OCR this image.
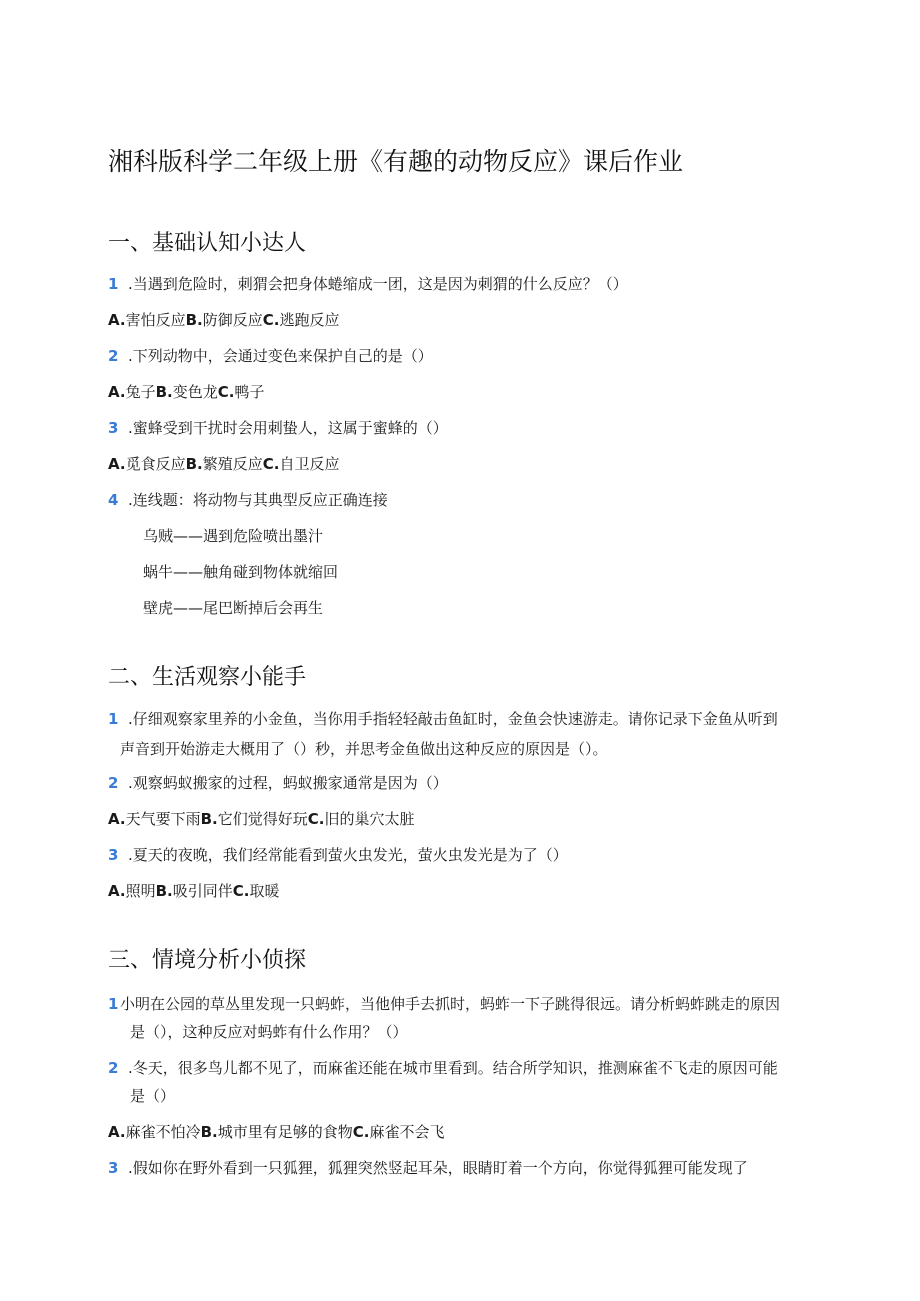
湘科版科学二年级上册《有趣的动物反应》课后作业
一、基础认知小达人
1 .当遇到危险时，刺猬会把身体蜷缩成一团，这是因为刺猬的什么反应？（）
A.害怕反应B.防御反应C.逃跑反应
2 .下列动物中，会通过变色来保护自己的是（）
A.兔子B.变色龙C.鸭子
3 .蜜蜂受到干扰时会用刺蛰人，这属于蜜蜂的（）
A.觅食反应B.繁殖反应C.自卫反应
4 .连线题：将动物与其典型反应正确连接
乌贼——遇到危险喷出墨汁
蜗牛——触角碰到物体就缩回
壁虎——尾巴断掉后会再生
二、生活观察小能手
1 .仔细观察家里养的小金鱼，当你用手指轻轻敲击鱼缸时，金鱼会快速游走。请你记录下金鱼从听到
声音到开始游走大概用了（）秒，并思考金鱼做出这种反应的原因是（）。
2 .观察蚂蚁搬家的过程，蚂蚁搬家通常是因为（）
A.天气要下雨B.它们觉得好玩C.旧的巢穴太脏
3 .夏天的夜晚，我们经常能看到萤火虫发光，萤火虫发光是为了（）
A.照明B.吸引同伴C.取暖
三、情境分析小侦探
1 小明在公园的草丛里发现一只蚂蚱，当他伸手去抓时，蚂蚱一下子跳得很远。请分析蚂蚱跳走的原因
是（），这种反应对蚂蚱有什么作用？（）
2 .冬天，很多鸟儿都不见了，而麻雀还能在城市里看到。结合所学知识，推测麻雀不飞走的原因可能
是（）
A.麻雀不怕冷B.城市里有足够的食物C.麻雀不会飞
3 .假如你在野外看到一只狐狸，狐狸突然竖起耳朵，眼睛盯着一个方向，你觉得狐狸可能发现了
